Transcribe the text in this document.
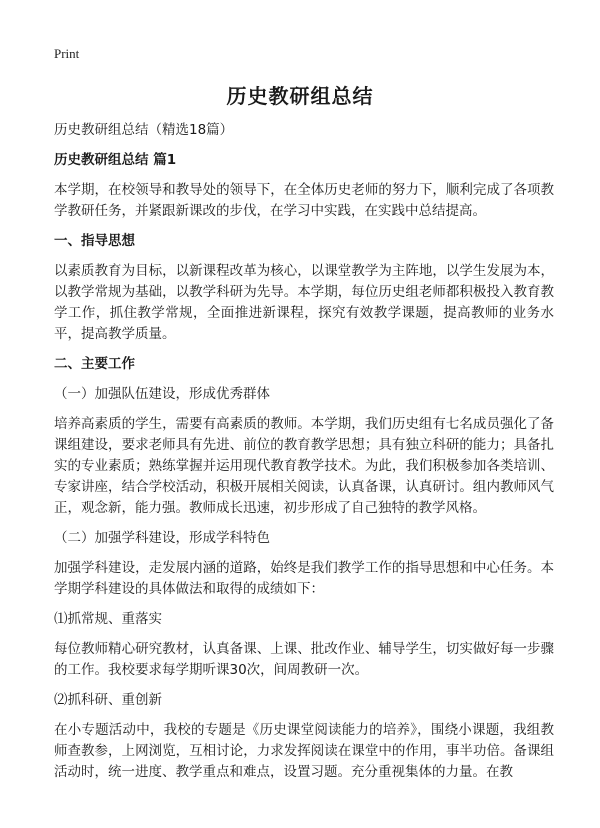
Print
历史教研组总结

历史教研组总结（精选18篇）

历史教研组总结 篇1

本学期，在校领导和教导处的领导下，在全体历史老师的努力下，顺利完成了各项教学教研任务，并紧跟新课改的步伐，在学习中实践，在实践中总结提高。

一、指导思想

以素质教育为目标，以新课程改革为核心，以课堂教学为主阵地，以学生发展为本，以教学常规为基础，以教学科研为先导。本学期，每位历史组老师都积极投入教育教学工作，抓住教学常规，全面推进新课程，探究有效教学课题，提高教师的业务水平，提高教学质量。

二、主要工作

（一）加强队伍建设，形成优秀群体

培养高素质的学生，需要有高素质的教师。本学期，我们历史组有七名成员强化了备课组建设，要求老师具有先进、前位的教育教学思想；具有独立科研的能力；具备扎实的专业素质；熟练掌握并运用现代教育教学技术。为此，我们积极参加各类培训、专家讲座，结合学校活动，积极开展相关阅读，认真备课，认真研讨。组内教师风气正，观念新，能力强。教师成长迅速，初步形成了自己独特的教学风格。

（二）加强学科建设，形成学科特色

加强学科建设，走发展内涵的道路，始终是我们教学工作的指导思想和中心任务。本学期学科建设的具体做法和取得的成绩如下：

⑴抓常规、重落实

每位教师精心研究教材，认真备课、上课、批改作业、辅导学生，切实做好每一步骤的工作。我校要求每学期听课30次，间周教研一次。

⑵抓科研、重创新

在小专题活动中，我校的专题是《历史课堂阅读能力的培养》，围绕小课题，我组教师查教参，上网浏览，互相讨论，力求发挥阅读在课堂中的作用，事半功倍。备课组活动时，统一进度、教学重点和难点，设置习题。充分重视集体的力量。在教
